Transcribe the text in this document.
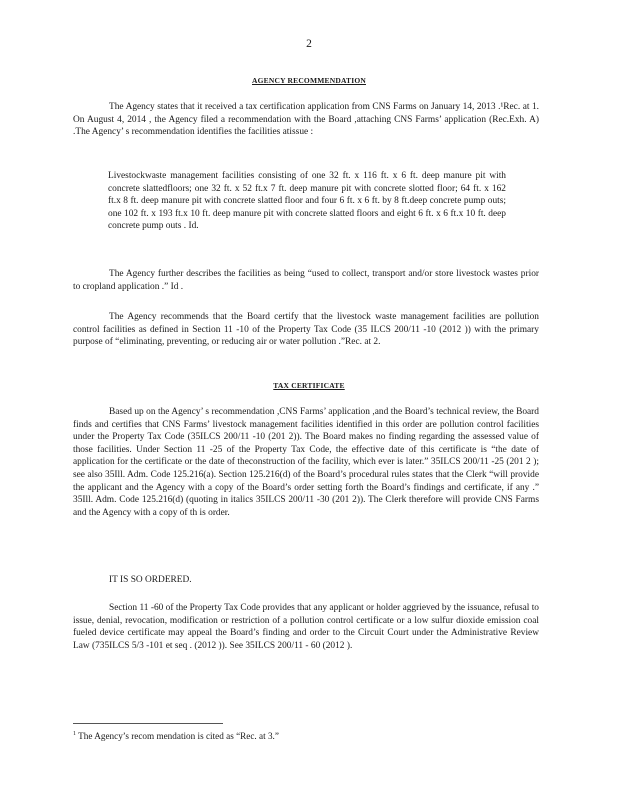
2
AGENCY RECOMMENDATION

The Agency states that it received a tax certification application from CNS Farms on January 14, 2013 .¹Rec. at 1. On August 4, 2014 , the Agency filed a recommendation with the Board ,attaching CNS Farms’ application (Rec.Exh. A) .The Agency’ s recommendation identifies the facilities atissue :

Livestockwaste management facilities consisting of one 32 ft. x 116 ft. x 6 ft. deep manure pit with concrete slattedfloors; one 32 ft. x 52 ft.x 7 ft. deep manure pit with concrete slotted floor; 64 ft. x 162 ft.x 8 ft. deep manure pit with concrete slatted floor and four 6 ft. x 6 ft. by 8 ft.deep concrete pump outs; one 102 ft. x 193 ft.x 10 ft. deep manure pit with concrete slatted floors and eight 6 ft. x 6 ft.x 10 ft. deep concrete pump outs . Id.

The Agency further describes the facilities as being “used to collect, transport and/or store livestock wastes prior to cropland application .” Id .

The Agency recommends that the Board certify that the livestock waste management facilities are pollution control facilities as defined in Section 11 -10 of the Property Tax Code (35 ILCS 200/11 -10 (2012 )) with the primary purpose of “eliminating, preventing, or reducing air or water pollution .”Rec. at 2.

TAX CERTIFICATE

Based up on the Agency’ s recommendation ,CNS Farms’ application ,and the Board’s technical review, the Board finds and certifies that CNS Farms’ livestock management facilities identified in this order are pollution control facilities under the Property Tax Code (35ILCS 200/11 -10 (201 2)). The Board makes no finding regarding the assessed value of those facilities. Under Section 11 -25 of the Property Tax Code, the effective date of this certificate is “the date of application for the certificate or the date of theconstruction of the facility, which ever is later.” 35ILCS 200/11 -25 (201 2 ); see also 35Ill. Adm. Code 125.216(a). Section 125.216(d) of the Board’s procedural rules states that the Clerk “will provide the applicant and the Agency with a copy of the Board’s order setting forth the Board’s findings and certificate, if any .” 35Ill. Adm. Code 125.216(d) (quoting in italics 35ILCS 200/11 -30 (201 2)). The Clerk therefore will provide CNS Farms and the Agency with a copy of th is order.

IT IS SO ORDERED.

Section 11 -60 of the Property Tax Code provides that any applicant or holder aggrieved by the issuance, refusal to issue, denial, revocation, modification or restriction of a pollution control certificate or a low sulfur dioxide emission coal fueled device certificate may appeal the Board’s finding and order to the Circuit Court under the Administrative Review Law (735ILCS 5/3 -101 et seq . (2012 )). See 35ILCS 200/11 - 60 (2012 ).

$^1$ The Agency’s recom mendation is cited as “Rec. at 3.”
